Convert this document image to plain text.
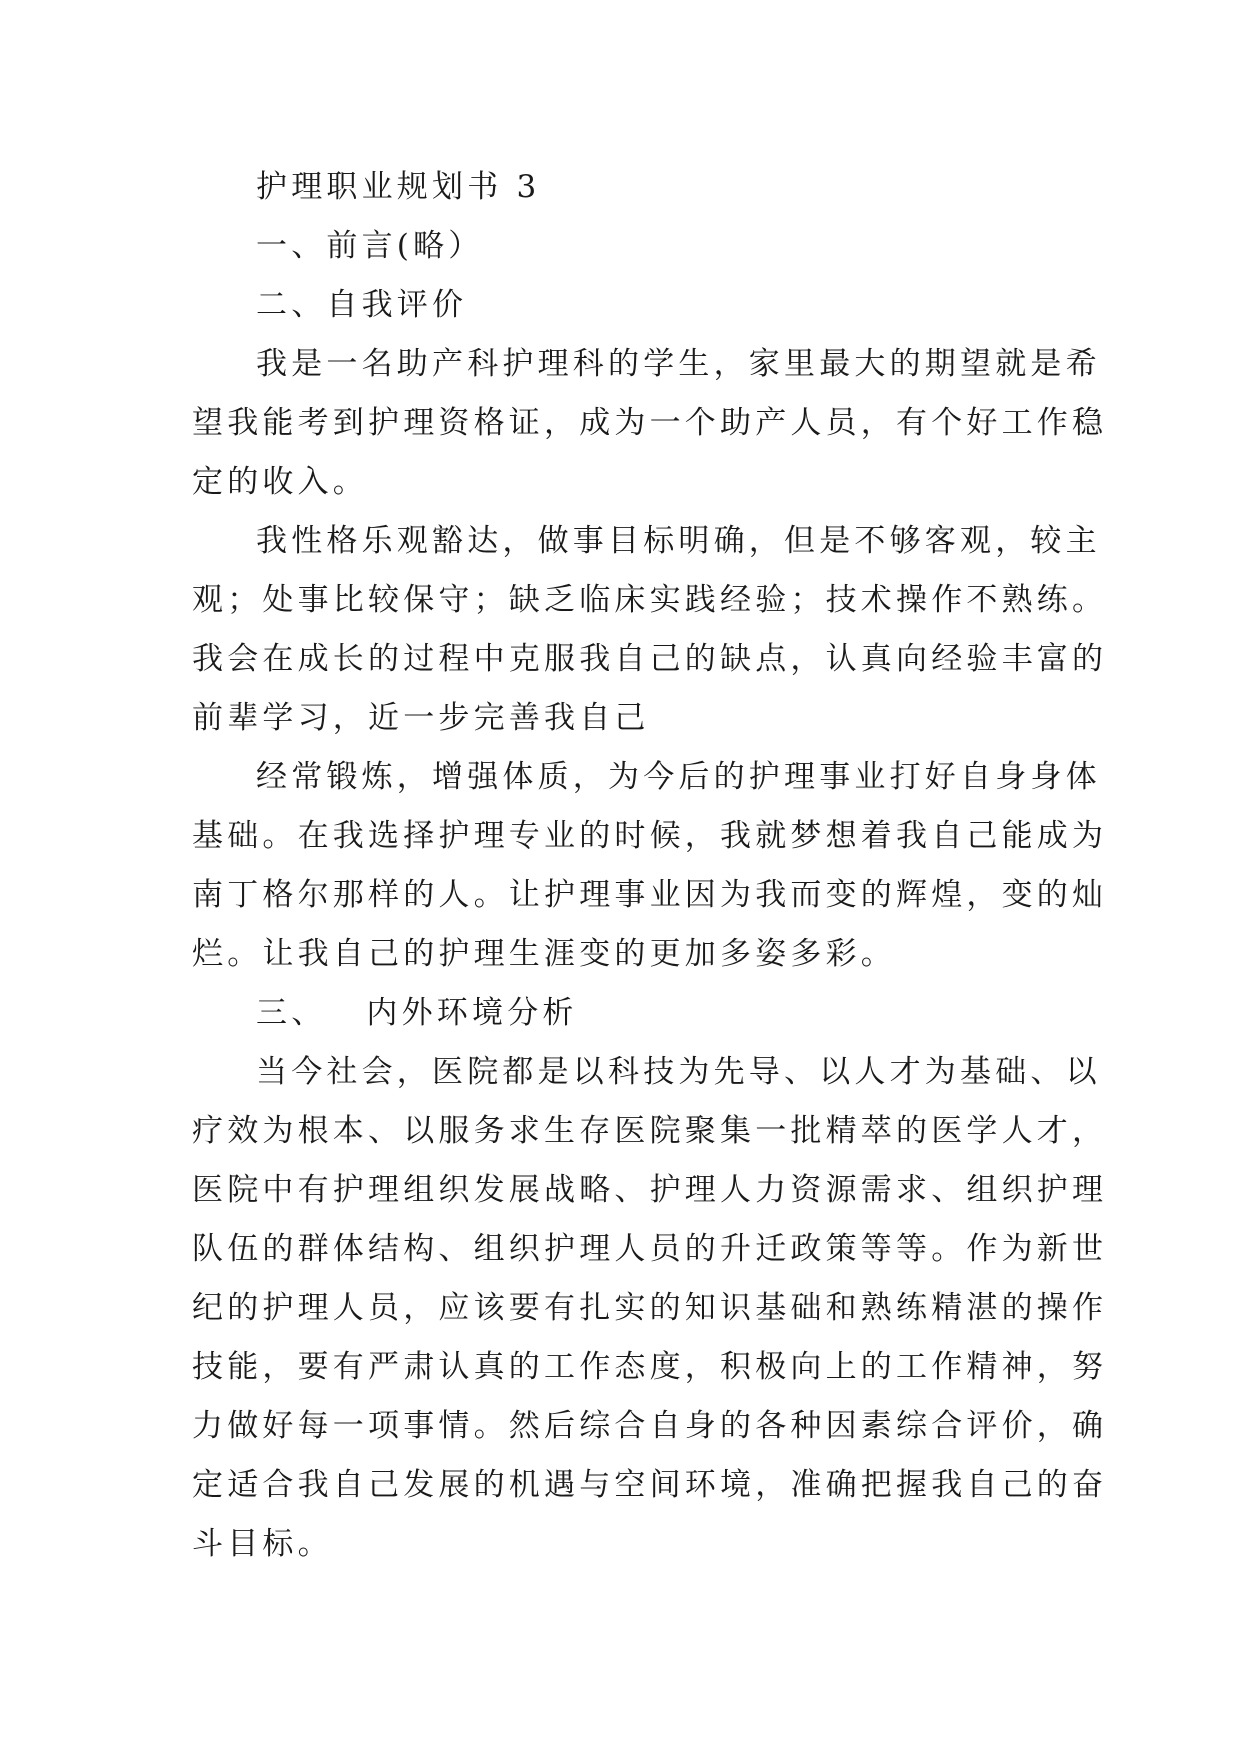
护理职业规划书 3
一、前言(略）
二、自我评价
我是一名助产科护理科的学生，家里最大的期望就是希
望我能考到护理资格证，成为一个助产人员，有个好工作稳
定的收入。
我性格乐观豁达，做事目标明确，但是不够客观，较主
观；处事比较保守；缺乏临床实践经验；技术操作不熟练。
我会在成长的过程中克服我自己的缺点，认真向经验丰富的
前辈学习，近一步完善我自己
经常锻炼，增强体质，为今后的护理事业打好自身身体
基础。在我选择护理专业的时候，我就梦想着我自己能成为
南丁格尔那样的人。让护理事业因为我而变的辉煌，变的灿
烂。让我自己的护理生涯变的更加多姿多彩。
三、 内外环境分析
当今社会，医院都是以科技为先导、以人才为基础、以
疗效为根本、以服务求生存医院聚集一批精萃的医学人才，
医院中有护理组织发展战略、护理人力资源需求、组织护理
队伍的群体结构、组织护理人员的升迁政策等等。作为新世
纪的护理人员，应该要有扎实的知识基础和熟练精湛的操作
技能，要有严肃认真的工作态度，积极向上的工作精神，努
力做好每一项事情。然后综合自身的各种因素综合评价，确
定适合我自己发展的机遇与空间环境，准确把握我自己的奋
斗目标。
